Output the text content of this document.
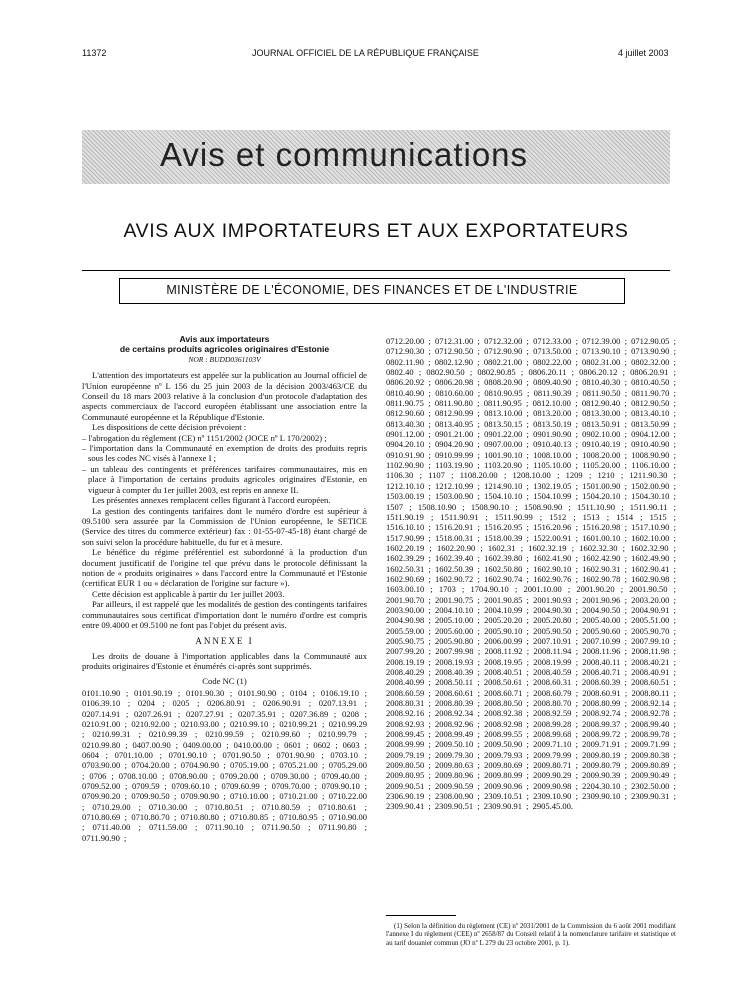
11372	JOURNAL OFFICIEL DE LA RÉPUBLIQUE FRANÇAISE	4 juillet 2003
Avis et communications
AVIS AUX IMPORTATEURS ET AUX EXPORTATEURS
MINISTÈRE DE L'ÉCONOMIE, DES FINANCES ET DE L'INDUSTRIE
Avis aux importateurs
de certains produits agricoles originaires d'Estonie
NOR : BUDD0361103V

L'attention des importateurs est appelée sur la publication au Journal officiel de l'Union européenne nº L 156 du 25 juin 2003 de la décision 2003/463/CE du Conseil du 18 mars 2003 relative à la conclusion d'un protocole d'adaptation des aspects commerciaux de l'accord européen établissant une association entre la Communauté européenne et la République d'Estonie.

Les dispositions de cette décision prévoient :

– l'abrogation du règlement (CE) nº 1151/2002 (JOCE nº L 170/2002) ;

– l'importation dans la Communauté en exemption de droits des produits repris sous les codes NC visés à l'annexe I ;

– un tableau des contingents et préférences tarifaires communautaires, mis en place à l'importation de certains produits agricoles originaires d'Estonie, en vigueur à compter du 1er juillet 2003, est repris en annexe II.

Les présentes annexes remplacent celles figurant à l'accord européen.

La gestion des contingents tarifaires dont le numéro d'ordre est supérieur à 09.5100 sera assurée par la Commission de l'Union européenne, le SETICE (Service des titres du commerce extérieur) fax : 01-55-07-45-18) étant chargé de son suivi selon la procédure habituelle, du fur et à mesure.

Le bénéfice du régime préférentiel est subordonné à la production d'un document justificatif de l'origine tel que prévu dans le protocole définissant la notion de « produits originaires » dans l'accord entre la Communauté et l'Estonie (certificat EUR 1 ou « déclaration de l'origine sur facture »).

Cette décision est applicable à partir du 1er juillet 2003.

Par ailleurs, il est rappelé que les modalités de gestion des contingents tarifaires communautaires sous certificat d'importation dont le numéro d'ordre est compris entre 09.4000 et 09.5100 ne font pas l'objet du présent avis.

ANNEXE I

Les droits de douane à l'importation applicables dans la Communauté aux produits originaires d'Estonie et énumérés ci-après sont supprimés.

Code NC (1)
0101.10.90 ; 0101.90.19 ; 0101.90.30 ; 0101.90.90 ; 0104 ; 0106.19.10 ; 0106.39.10 ; 0204 ; 0205 ; 0206.80.91 ; 0206.90.91 ; 0207.13.91 ; 0207.14.91 ; 0207.26.91 ; 0207.27.91 ; 0207.35.91 ; 0207.36.89 ; 0208 ; 0210.91.00 ; 0210.92.00 ; 0210.93.00 ; 0210.99.10 ; 0210.99.21 ; 0210.99.29 ; 0210.99.31 ; 0210.99.39 ; 0210.99.59 ; 0210.99.60 ; 0210.99.79 ; 0210.99.80 ; 0407.00.90 ; 0409.00.00 ; 0410.00.00 ; 0601 ; 0602 ; 0603 ; 0604 ; 0701.10.00 ; 0701.90.10 ; 0701.90.50 ; 0701.90.90 ; 0703.10 ; 0703.90.00 ; 0704.20.00 ; 0704.90.90 ; 0705.19.00 ; 0705.21.00 ; 0705.29.00 ; 0706 ; 0708.10.00 ; 0708.90.00 ; 0709.20.00 ; 0709.30.00 ; 0709.40.00 ; 0709.52.00 ; 0709.59 ; 0709.60.10 ; 0709.60.99 ; 0709.70.00 ; 0709.90.10 ; 0709.90.20 ; 0709.90.50 ; 0709.90.90 ; 0710.10.00 ; 0710.21.00 ; 0710.22.00 ; 0710.29.00 ; 0710.30.00 ; 0710.80.51 ; 0710.80.59 ; 0710.80.61 ; 0710.80.69 ; 0710.80.70 ; 0710.80.80 ; 0710.80.85 ; 0710.80.95 ; 0710.90.00 ; 0711.40.00 ; 0711.59.00 ; 0711.90.10 ; 0711.90.50 ; 0711.90.80 ; 0711.90.90 ;
0712.20.00 ; 0712.31.00 ; 0712.32.00 ; 0712.33.00 ; 0712.39.00 ; 0712.90.05 ; 0712.90.30 ; 0712.90.50 ; 0712.90.90 ; 0713.50.00 ; 0713.90.10 ; 0713.90.90 ; 0802.11.90 ; 0802.12.90 ; 0802.21.00 ; 0802.22.00 ; 0802.31.00 ; 0802.32.00 ; 0802.40 ; 0802.90.50 ; 0802.90.85 ; 0806.20.11 ; 0806.20.12 ; 0806.20.91 ; 0806.20.92 ; 0806.20.98 ; 0808.20.90 ; 0809.40.90 ; 0810.40.30 ; 0810.40.50 ; 0810.40.90 ; 0810.60.00 ; 0810.90.95 ; 0811.90.39 ; 0811.90.50 ; 0811.90.70 ; 0811.90.75 ; 0811.90.80 ; 0811.90.95 ; 0812.10.00 ; 0812.90.40 ; 0812.90.50 ; 0812.90.60 ; 0812.90.99 ; 0813.10.00 ; 0813.20.00 ; 0813.30.00 ; 0813.40.10 ; 0813.40.30 ; 0813.40.95 ; 0813.50.15 ; 0813.50.19 ; 0813.50.91 ; 0813.50.99 ; 0901.12.00 ; 0901.21.00 ; 0901.22.00 ; 0901.90.90 ; 0902.10.00 ; 0904.12.00 ; 0904.20.10 ; 0904.20.90 ; 0907.00.00 ; 0910.40.13 ; 0910.40.19 ; 0910.40.90 ; 0910.91.90 ; 0910.99.99 ; 1001.90.10 ; 1008.10.00 ; 1008.20.00 ; 1008.90.90 ; 1102.90.90 ; 1103.19.90 ; 1103.20.90 ; 1105.10.00 ; 1105.20.00 ; 1106.10.00 ; 1106.30 ; 1107 ; 1108.20.00 ; 1208.10.00 ; 1209 ; 1210 ; 1211.90.30 ; 1212.10.10 ; 1212.10.99 ; 1214.90.10 ; 1302.19.05 ; 1501.00.90 ; 1502.00.90 ; 1503.00.19 ; 1503.00.90 ; 1504.10.10 ; 1504.10.99 ; 1504.20.10 ; 1504.30.10 ; 1507 ; 1508.10.90 ; 1508.90.10 ; 1508.90.90 ; 1511.10.90 ; 1511.90.11 ; 1511.90.19 ; 1511.90.91 ; 1511.90.99 ; 1512 ; 1513 ; 1514 ; 1515 ; 1516.10.10 ; 1516.20.91 ; 1516.20.95 ; 1516.20.96 ; 1516.20.98 ; 1517.10.90 ; 1517.90.99 ; 1518.00.31 ; 1518.00.39 ; 1522.00.91 ; 1601.00.10 ; 1602.10.00 ; 1602.20.19 ; 1602.20.90 ; 1602.31 ; 1602.32.19 ; 1602.32.30 ; 1602.32.90 ; 1602.39.29 ; 1602.39.40 ; 1602.39.80 ; 1602.41.90 ; 1602.42.90 ; 1602.49.90 ; 1602.50.31 ; 1602.50.39 ; 1602.50.80 ; 1602.90.10 ; 1602.90.31 ; 1602.90.41 ; 1602.90.69 ; 1602.90.72 ; 1602.90.74 ; 1602.90.76 ; 1602.90.78 ; 1602.90.98 ; 1603.00.10 ; 1703 ; 1704.90.10 ; 2001.10.00 ; 2001.90.20 ; 2001.90.50 ; 2001.90.70 ; 2001.90.75 ; 2001.90.85 ; 2001.90.93 ; 2001.90.96 ; 2003.20.00 ; 2003.90.00 ; 2004.10.10 ; 2004.10.99 ; 2004.90.30 ; 2004.90.50 ; 2004.90.91 ; 2004.90.98 ; 2005.10.00 ; 2005.20.20 ; 2005.20.80 ; 2005.40.00 ; 2005.51.00 ; 2005.59.00 ; 2005.60.00 ; 2005.90.10 ; 2005.90.50 ; 2005.90.60 ; 2005.90.70 ; 2005.90.75 ; 2005.90.80 ; 2006.00.99 ; 2007.10.91 ; 2007.10.99 ; 2007.99.10 ; 2007.99.20 ; 2007.99.98 ; 2008.11.92 ; 2008.11.94 ; 2008.11.96 ; 2008.11.98 ; 2008.19.19 ; 2008.19.93 ; 2008.19.95 ; 2008.19.99 ; 2008.40.11 ; 2008.40.21 ; 2008.40.29 ; 2008.40.39 ; 2008.40.51 ; 2008.40.59 ; 2008.40.71 ; 2008.40.91 ; 2008.40.99 ; 2008.50.11 ; 2008.50.61 ; 2008.60.31 ; 2008.60.39 ; 2008.60.51 ; 2008.60.59 ; 2008.60.61 ; 2008.60.71 ; 2008.60.79 ; 2008.60.91 ; 2008.80.11 ; 2008.80.31 ; 2008.80.39 ; 2008.80.50 ; 2008.80.70 ; 2008.80.99 ; 2008.92.14 ; 2008.92.16 ; 2008.92.34 ; 2008.92.38 ; 2008.92.59 ; 2008.92.74 ; 2008.92.78 ; 2008.92.93 ; 2008.92.96 ; 2008.92.98 ; 2008.99.28 ; 2008.99.37 ; 2008.99.40 ; 2008.99.45 ; 2008.99.49 ; 2008.99.55 ; 2008.99.68 ; 2008.99.72 ; 2008.99.78 ; 2008.99.99 ; 2009.50.10 ; 2009.50.90 ; 2009.71.10 ; 2009.71.91 ; 2009.71.99 ; 2009.79.19 ; 2009.79.30 ; 2009.79.93 ; 2009.79.99 ; 2009.80.19 ; 2009.80.38 ; 2009.80.50 ; 2009.80.63 ; 2009.80.69 ; 2009.80.71 ; 2009.80.79 ; 2009.80.89 ; 2009.80.95 ; 2009.80.96 ; 2009.80.99 ; 2009.90.29 ; 2009.90.39 ; 2009.90.49 ; 2009.90.51 ; 2009.90.59 ; 2009.90.96 ; 2009.90.98 ; 2204.30.10 ; 2302.50.00 ; 2306.90.19 ; 2308.00.90 ; 2309.10.51 ; 2309.10.90 ; 2309.90.10 ; 2309.90.31 ; 2309.90.41 ; 2309.90.51 ; 2309.90.91 ; 2905.45.00.
(1) Selon la définition du règlement (CE) nº 2031/2001 de la Commission du 6 août 2001 modifiant l'annexe I du règlement (CEE) nº 2658/87 du Conseil relatif à la nomenclature tarifaire et statistique et au tarif douanier commun (JO nº L 279 du 23 octobre 2001, p. 1).
